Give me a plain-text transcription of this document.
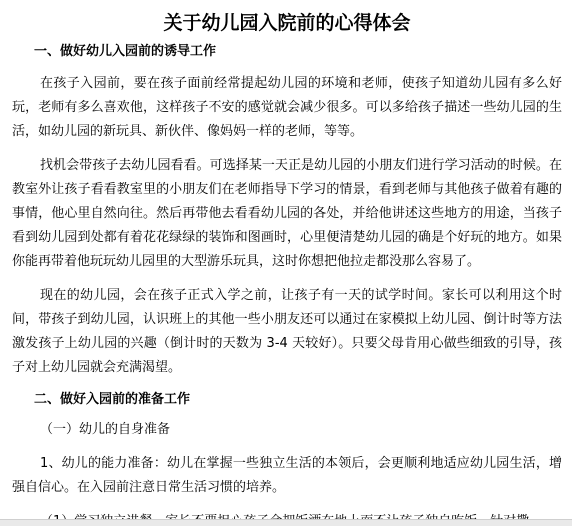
关于幼儿园入院前的心得体会
一、做好幼儿入园前的诱导工作

在孩子入园前，要在孩子面前经常提起幼儿园的环境和老师，使孩子知道幼儿园有多么好玩，老师有多么喜欢他，这样孩子不安的感觉就会减少很多。可以多给孩子描述一些幼儿园的生活，如幼儿园的新玩具、新伙伴、像妈妈一样的老师，等等。

找机会带孩子去幼儿园看看。可选择某一天正是幼儿园的小朋友们进行学习活动的时候。在教室外让孩子看看教室里的小朋友们在老师指导下学习的情景，看到老师与其他孩子做着有趣的事情，他心里自然向往。然后再带他去看看幼儿园的各处，并给他讲述这些地方的用途，当孩子看到幼儿园到处都有着花花绿绿的装饰和图画时，心里便清楚幼儿园的确是个好玩的地方。如果你能再带着他玩玩幼儿园里的大型游乐玩具，这时你想把他拉走都没那么容易了。

现在的幼儿园，会在孩子正式入学之前，让孩子有一天的试学时间。家长可以利用这个时间，带孩子到幼儿园，认识班上的其他一些小朋友还可以通过在家模拟上幼儿园、倒计时等方法激发孩子上幼儿园的兴趣（倒计时的天数为 3-4 天较好）。只要父母肯用心做些细致的引导，孩子对上幼儿园就会充满渴望。

二、做好入园前的准备工作
（一）幼儿的自身准备

1、幼儿的能力准备：幼儿在掌握一些独立生活的本领后，会更顺利地适应幼儿园生活，增强自信心。在入园前注意日常生活习惯的培养。
